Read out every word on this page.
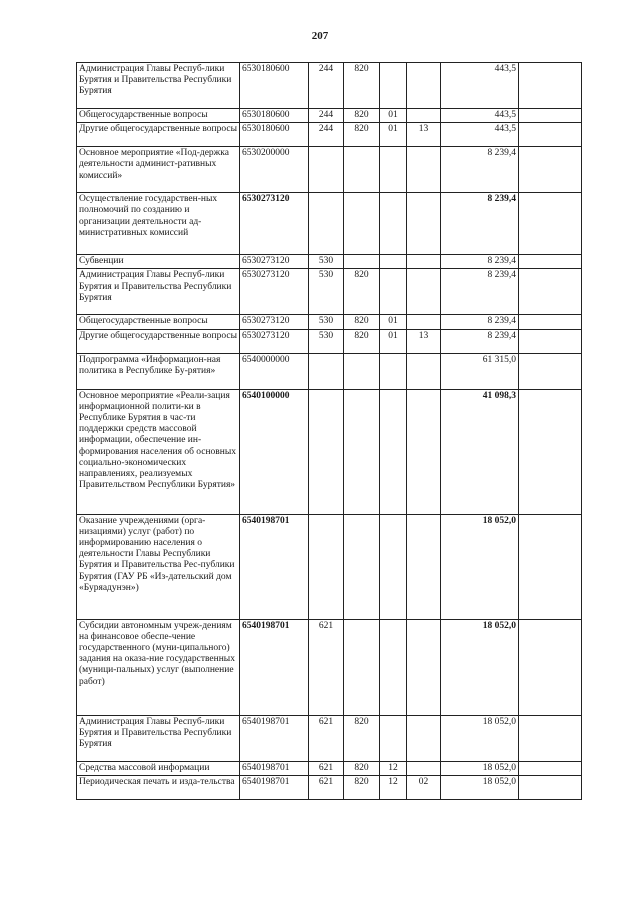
207
Администрация Главы Респуб-лики Бурятия и Правительства Республики Бурятия	6530180600	244	820			443,5	
Общегосударственные вопросы	6530180600	244	820	01		443,5	
Другие общегосударственные вопросы	6530180600	244	820	01	13	443,5	
Основное мероприятие «Под-держка деятельности админист-ративных комиссий»	6530200000					8 239,4	
Осуществление государствен-ных полномочий по созданию и организации деятельности ад-министративных комиссий	6530273120					8 239,4	
Субвенции	6530273120	530				8 239,4	
Администрация Главы Респуб-лики Бурятия и Правительства Республики Бурятия	6530273120	530	820			8 239,4	
Общегосударственные вопросы	6530273120	530	820	01		8 239,4	
Другие общегосударственные вопросы	6530273120	530	820	01	13	8 239,4	
Подпрограмма «Информацион-ная политика в Республике Бу-рятия»	6540000000					61 315,0	
Основное мероприятие «Реали-зация информационной полити-ки в Республике Бурятия в час-ти поддержки средств массовой информации, обеспечение ин-формирования населения об основных социально-экономических направлениях, реализуемых Правительством Республики Бурятия»	6540100000					41 098,3	
Оказание учреждениями (орга-низациями) услуг (работ) по информированию населения о деятельности Главы Республики Бурятия и Правительства Рес-публики Бурятия (ГАУ РБ «Из-дательский дом «Буряадунэн»)	6540198701					18 052,0	
Субсидии автономным учреж-дениям на финансовое обеспе-чение государственного (муни-ципального) задания на оказа-ние государственных (муници-пальных) услуг (выполнение работ)	6540198701	621				18 052,0	
Администрация Главы Респуб-лики Бурятия и Правительства Республики Бурятия	6540198701	621	820			18 052,0	
Средства массовой информации	6540198701	621	820	12		18 052,0	
Периодическая печать и изда-тельства	6540198701	621	820	12	02	18 052,0	
